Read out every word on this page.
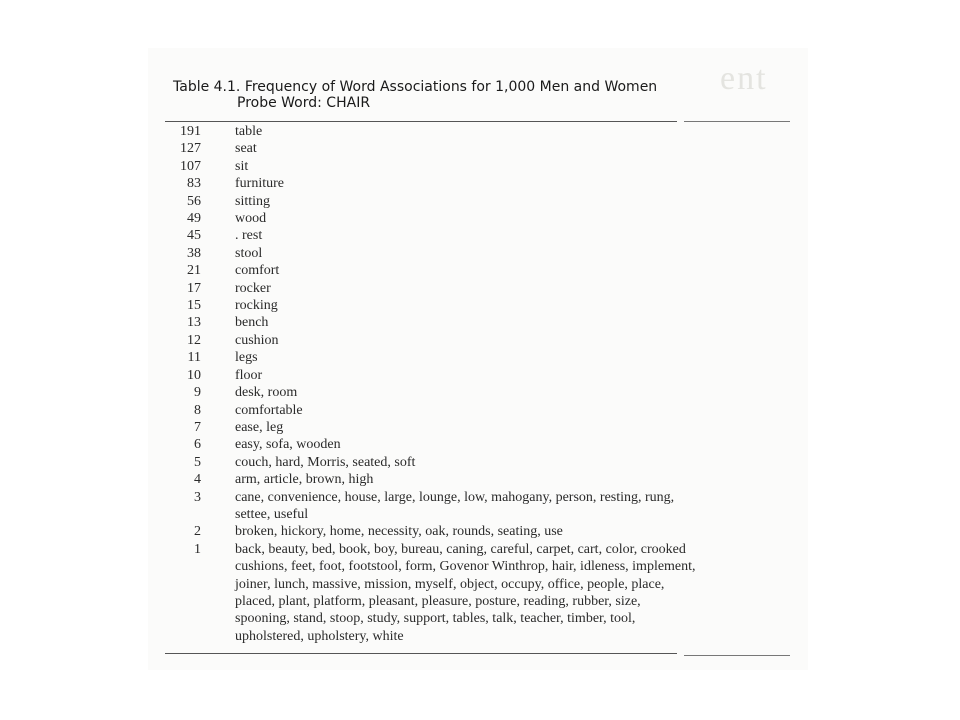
ent
Table 4.1. Frequency of Word Associations for 1,000 Men and Women
Probe Word: CHAIR
191 table
127 seat
107 sit
83 furniture
56 sitting
49 wood
45 . rest
38 stool
21 comfort
17 rocker
15 rocking
13 bench
12 cushion
11 legs
10 floor
9 desk, room
8 comfortable
7 ease, leg
6 easy, sofa, wooden
5 couch, hard, Morris, seated, soft
4 arm, article, brown, high
3 cane, convenience, house, large, lounge, low, mahogany, person, resting, rung,
settee, useful
2 broken, hickory, home, necessity, oak, rounds, seating, use
1 back, beauty, bed, book, boy, bureau, caning, careful, carpet, cart, color, crooked
cushions, feet, foot, footstool, form, Govenor Winthrop, hair, idleness, implement,
joiner, lunch, massive, mission, myself, object, occupy, office, people, place,
placed, plant, platform, pleasant, pleasure, posture, reading, rubber, size,
spooning, stand, stoop, study, support, tables, talk, teacher, timber, tool,
upholstered, upholstery, white
